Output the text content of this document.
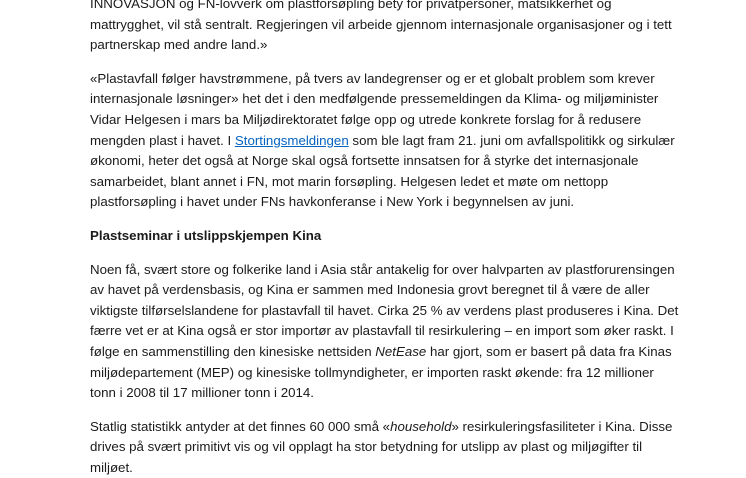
INNOVASJON og FN-lovverk om plastforsøpling bety for privatpersoner, matsikkerhet og
mattrygghet, vil stå sentralt. Regjeringen vil arbeide gjennom internasjonale organisasjoner og i tett
partnerskap med andre land.»
«Plastavfall følger havstrømmene, på tvers av landegrenser og er et globalt problem som krever
internasjonale løsninger» het det i den medfølgende pressemeldingen da Klima- og miljøminister
Vidar Helgesen i mars ba Miljødirektoratet følge opp og utrede konkrete forslag for å redusere
mengden plast i havet. I Stortingsmeldingen som ble lagt fram 21. juni om avfallspolitikk og sirkulær
økonomi, heter det også at Norge skal også fortsette innsatsen for å styrke det internasjonale
samarbeidet, blant annet i FN, mot marin forsøpling. Helgesen ledet et møte om nettopp
plastforsøpling i havet under FNs havkonferanse i New York i begynnelsen av juni.
Plastseminar i utslippskjempen Kina
Noen få, svært store og folkerike land i Asia står antakelig for over halvparten av plastforurensingen
av havet på verdensbasis, og Kina er sammen med Indonesia grovt beregnet til å være de aller
viktigste tilførselslandene for plastavfall til havet. Cirka 25 % av verdens plast produseres i Kina. Det
færre vet er at Kina også er stor importør av plastavfall til resirkulering – en import som øker raskt. I
følge en sammenstilling den kinesiske nettsiden NetEase har gjort, som er basert på data fra Kinas
miljødepartement (MEP) og kinesiske tollmyndigheter, er importen raskt økende: fra 12 millioner
tonn i 2008 til 17 millioner tonn i 2014.
Statlig statistikk antyder at det finnes 60 000 små «household» resirkuleringsfasiliteter i Kina. Disse
drives på svært primitivt vis og vil opplagt ha stor betydning for utslipp av plast og miljøgifter til
miljøet.
